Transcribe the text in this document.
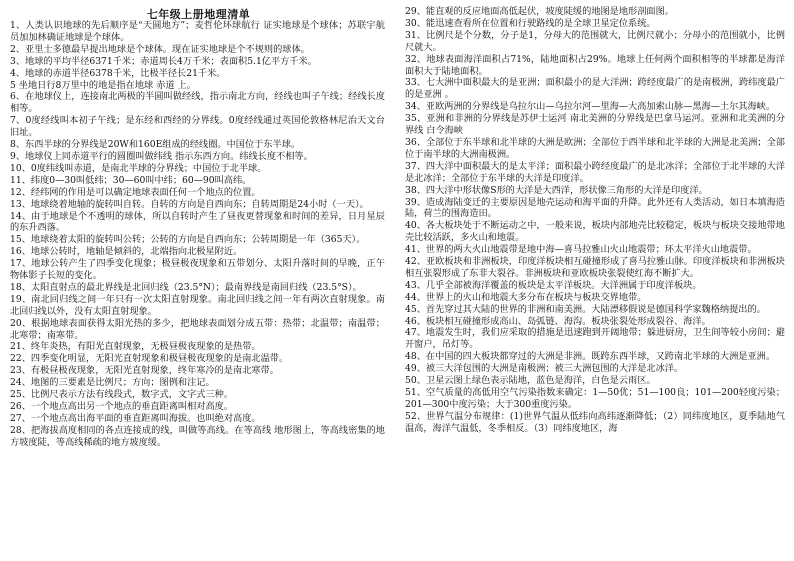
七年级上册地理清单

1、人类认识地球的先后顺序是“天圆地方”；麦哲伦环球航行 证实地球是个球体；苏联宇航员加加林确证地球是个球体。

2、亚里士多德最早提出地球是个球体。现在证实地球是个不规则的球体。

3、地球的平均半径6371千米；赤道周长4万千米；表面积5.1亿平方千米。

4、地球的赤道半径6378千米，比极半径长21千米。

5 坐地日行8万里中的地是指在地球 赤道 上。

6、在地球仪上，连接南北两极的半圆叫做经线，指示南北方向，经线也叫子午线；经线长度相等。

7、0度经线叫本初子午线；是东经和西经的分界线。0度经线通过英国伦敦格林尼治天文台旧址。

8、东西半球的分界线是20W和160E组成的经线圈。中国位于东半球。

9、地球仪上同赤道平行的圆圈叫做纬线 指示东西方向。纬线长度不相等。

10、0度纬线叫赤道，是南北半球的分界线；中国位于北半球。

11、纬度0—30叫低纬；30—60叫中纬；60—90叫高纬。

12、经纬网的作用是可以确定地球表面任何一个地点的位置。

13、地球绕着地轴的旋转叫自转。自转的方向是自西向东；自转周期是24小时（一天）。

14、由于地球是个不透明的球体，所以自转时产生了昼夜更替现象和时间的差异，日月星辰的东升西落。

15、地球绕着太阳的旋转叫公转；公转的方向是自西向东；公转周期是一年（365天）。

16、地球公转时，地轴是倾斜的，北端指向北极星附近。

17、地球公转产生了四季变化现象；极昼极夜现象和五带划分、太阳升落时间的早晚，正午物体影子长短的变化。

18、太阳直射点的最北界线是北回归线（23.5°N）；最南界线是南回归线（23.5°S）。

19、南北回归线之间一年只有一次太阳直射现象。南北回归线之间一年有两次直射现象。南北回归线以外，没有太阳直射现象。

20、根据地球表面获得太阳光热的多少，把地球表面划分成五带：热带；北温带；南温带；北寒带；南寒带。

21、终年炎热，有阳光直射现象，无极昼极夜现象的是热带。

22、四季变化明显，无阳光直射现象和极昼极夜现象的是南北温带。

23、有极昼极夜现象，无阳光直射现象，终年寒冷的是南北寒带。

24、地图的三要素是比例尺；方向；图例和注记。

25、比例尺表示方法有线段式，数字式，文字式三种。

26、一个地点高出另一个地点的垂直距离叫相对高度。

27、一个地点高出海平面的垂直距离叫海拔。也叫绝对高度。

28、把海拔高度相同的各点连接成的线，叫做等高线。在等高线 地形图上，等高线密集的地方坡度陡，等高线稀疏的地方坡度缓。

29、能直观的反应地面高低起伏，坡度陡缓的地图是地形剖面图。

30、能迅速查看所在位置和行驶路线的是全球卫星定位系统。

31、比例尺是个分数，分子是1，分母大的范围就大，比例尺就小；分母小的范围就小，比例尺就大。

32、地球表面海洋面积占71%，陆地面积占29%。地球上任何两个面积相等的半球都是海洋面积大于陆地面积。

33、七大洲中面积最大的是亚洲；面积最小的是大洋洲；跨经度最广的是南极洲，跨纬度最广的是亚洲 。

34、亚欧两洲的分界线是乌拉尔山—乌拉尔河—里海—大高加索山脉—黑海—土尔其海峡。

35、亚洲和非洲的分界线是苏伊士运河 南北美洲的分界线是巴拿马运河。亚洲和北美洲的分界线 白令海峡

36、全部位于东半球和北半球的大洲是欧洲；全部位于西半球和北半球的大洲是北美洲；全部位于南半球的大洲南极洲。

37、四大洋中面积最大的是太平洋；面积最小跨经度最广的是北冰洋；全部位于北半球的大洋是北冰洋；全部位于东半球的大洋是印度洋。

38、四大洋中形状像S形的大洋是大西洋，形状像三角形的大洋是印度洋。

39、造成海陆变迁的主要原因是地壳运动和海平面的升降。此外还有人类活动，如日本填海造陆，荷兰的围海造田。

40、各大板块处于不断运动之中，一般来说，板块内部地壳比较稳定，板块与板块交接地带地壳比较活跃，多火山和地震。

41、世界的两大火山地震带是地中海—喜马拉雅山火山地震带；环太平洋火山地震带。

42、亚欧板块和非洲板块，印度洋板块相互碰撞形成了喜马拉雅山脉。印度洋板块和非洲板块相互张裂形成了东非大裂谷。非洲板块和亚欧板块张裂使红海不断扩大。

43、几乎全部被海洋覆盖的板块是太平洋板块。大洋洲属于印度洋板块。

44、世界上的火山和地震大多分布在板块与板块交界地带。

45、首先穿过其大陆的世界的非洲和南美洲。大陆漂移假说是德国科学家魏格纳提出的。

46、板块相互碰撞形成高山、岛弧链、海沟。板块张裂处形成裂谷、海洋。

47、地震发生时，我们应采取的措施是迅速跑到开阔地带；躲进厨房，卫生间等较小房间；避开窗户，吊灯等。

48、在中国的四大板块都穿过的大洲是非洲。既跨东西半球，又跨南北半球的大洲是亚洲。

49、被三大洋包围的大洲是南极洲；被三大洲包围的大洋是北冰洋。

50、卫星云图上绿色表示陆地，蓝色是海洋，白色是云雨区。

51、空气质量的高低用空气污染指数来确定：1—50优；51—100良；101—200轻度污染；201—300中度污染；大于300重度污染。

52、世界气温分布规律：(1)世界气温从低纬向高纬逐渐降低；（2）同纬度地区，夏季陆地气温高，海洋气温低，冬季相反。（3）同纬度地区，海
